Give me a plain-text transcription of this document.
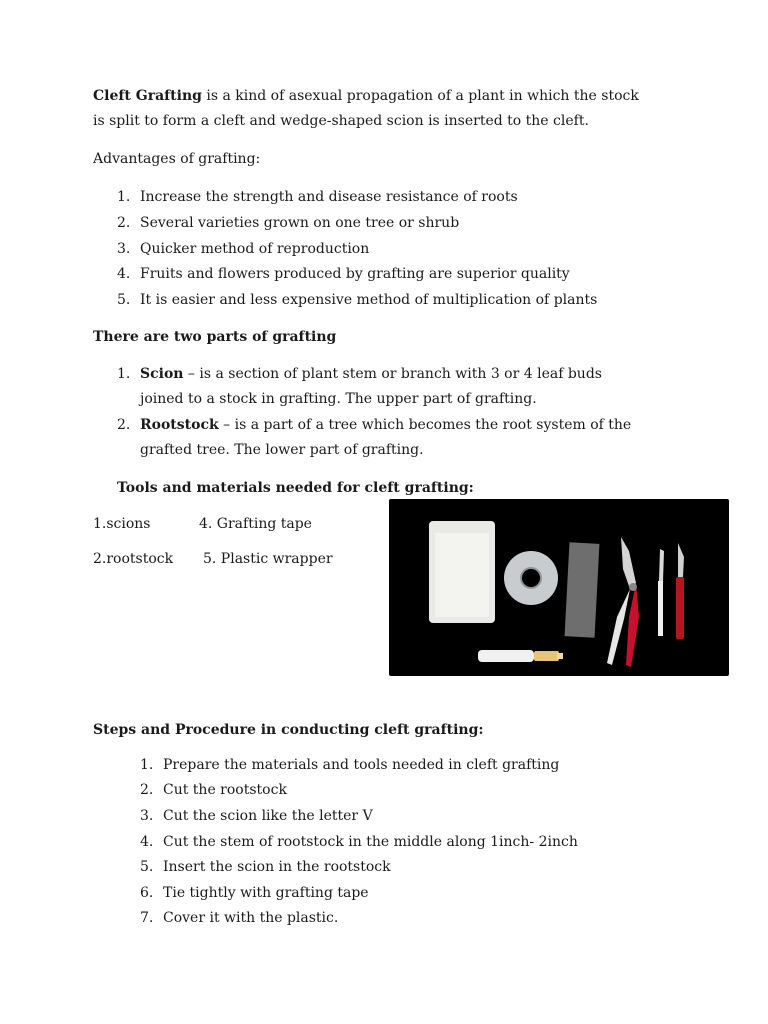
Cleft Grafting is a kind of asexual propagation of a plant in which the stock
is split to form a cleft and wedge-shaped scion is inserted to the cleft.
Advantages of grafting:
1. Increase the strength and disease resistance of roots
2. Several varieties grown on one tree or shrub
3. Quicker method of reproduction
4. Fruits and flowers produced by grafting are superior quality
5. It is easier and less expensive method of multiplication of plants
There are two parts of grafting
1. Scion – is a section of plant stem or branch with 3 or 4 leaf buds
joined to a stock in grafting. The upper part of grafting.
2. Rootstock – is a part of a tree which becomes the root system of the
grafted tree. The lower part of grafting.
Tools and materials needed for cleft grafting:
1.scions	4. Grafting tape
2.rootstock 5. Plastic wrapper
Steps and Procedure in conducting cleft grafting:
1. Prepare the materials and tools needed in cleft grafting
2. Cut the rootstock
3. Cut the scion like the letter V
4. Cut the stem of rootstock in the middle along 1inch- 2inch
5. Insert the scion in the rootstock
6. Tie tightly with grafting tape
7. Cover it with the plastic.
